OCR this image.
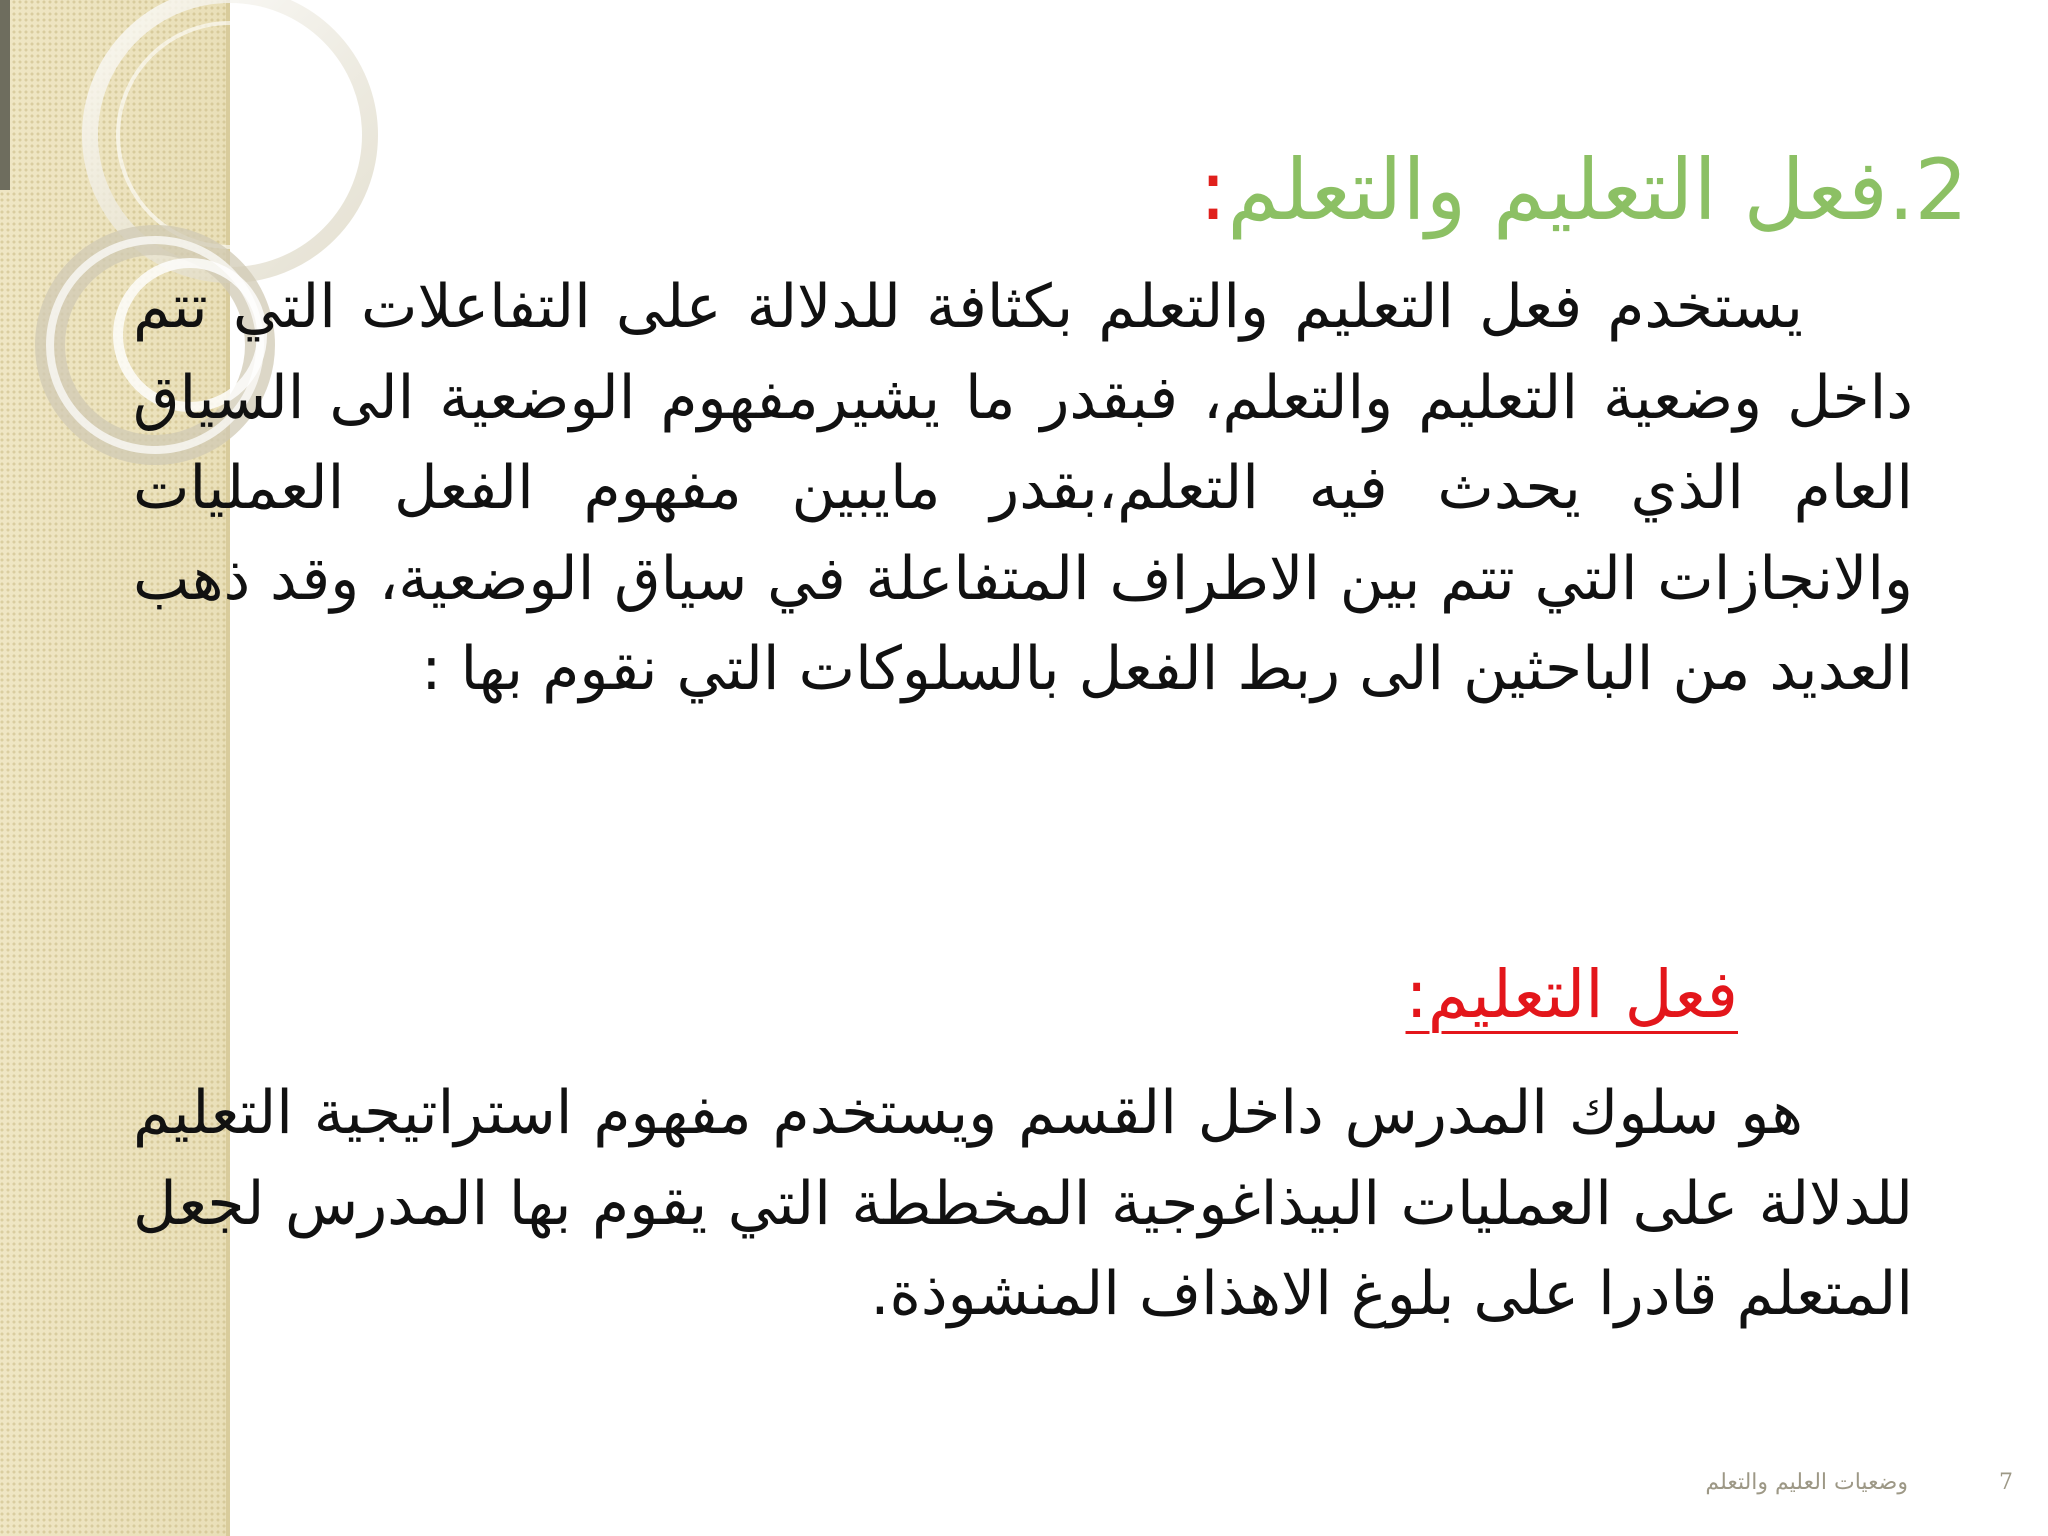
2.فعل التعليم والتعلم:
يستخدم فعل التعليم والتعلم بكثافة للدلالة على التفاعلات التي تتم داخل وضعية التعليم والتعلم، فبقدر ما يشيرمفهوم الوضعية الى السياق العام الذي يحدث فيه التعلم،بقدر مايبين مفهوم الفعل العمليات والانجازات التي تتم بين الاطراف المتفاعلة في سياق الوضعية، وقد ذهب العديد من الباحثين الى ربط الفعل بالسلوكات التي نقوم بها :
فعل التعليم:
هو سلوك المدرس داخل القسم ويستخدم مفهوم استراتيجية التعليم للدلالة على العمليات البيذاغوجية المخططة التي يقوم بها المدرس لجعل المتعلم قادرا على بلوغ الاهذاف المنشوذة.
وضعيات العليم والتعلم	7
